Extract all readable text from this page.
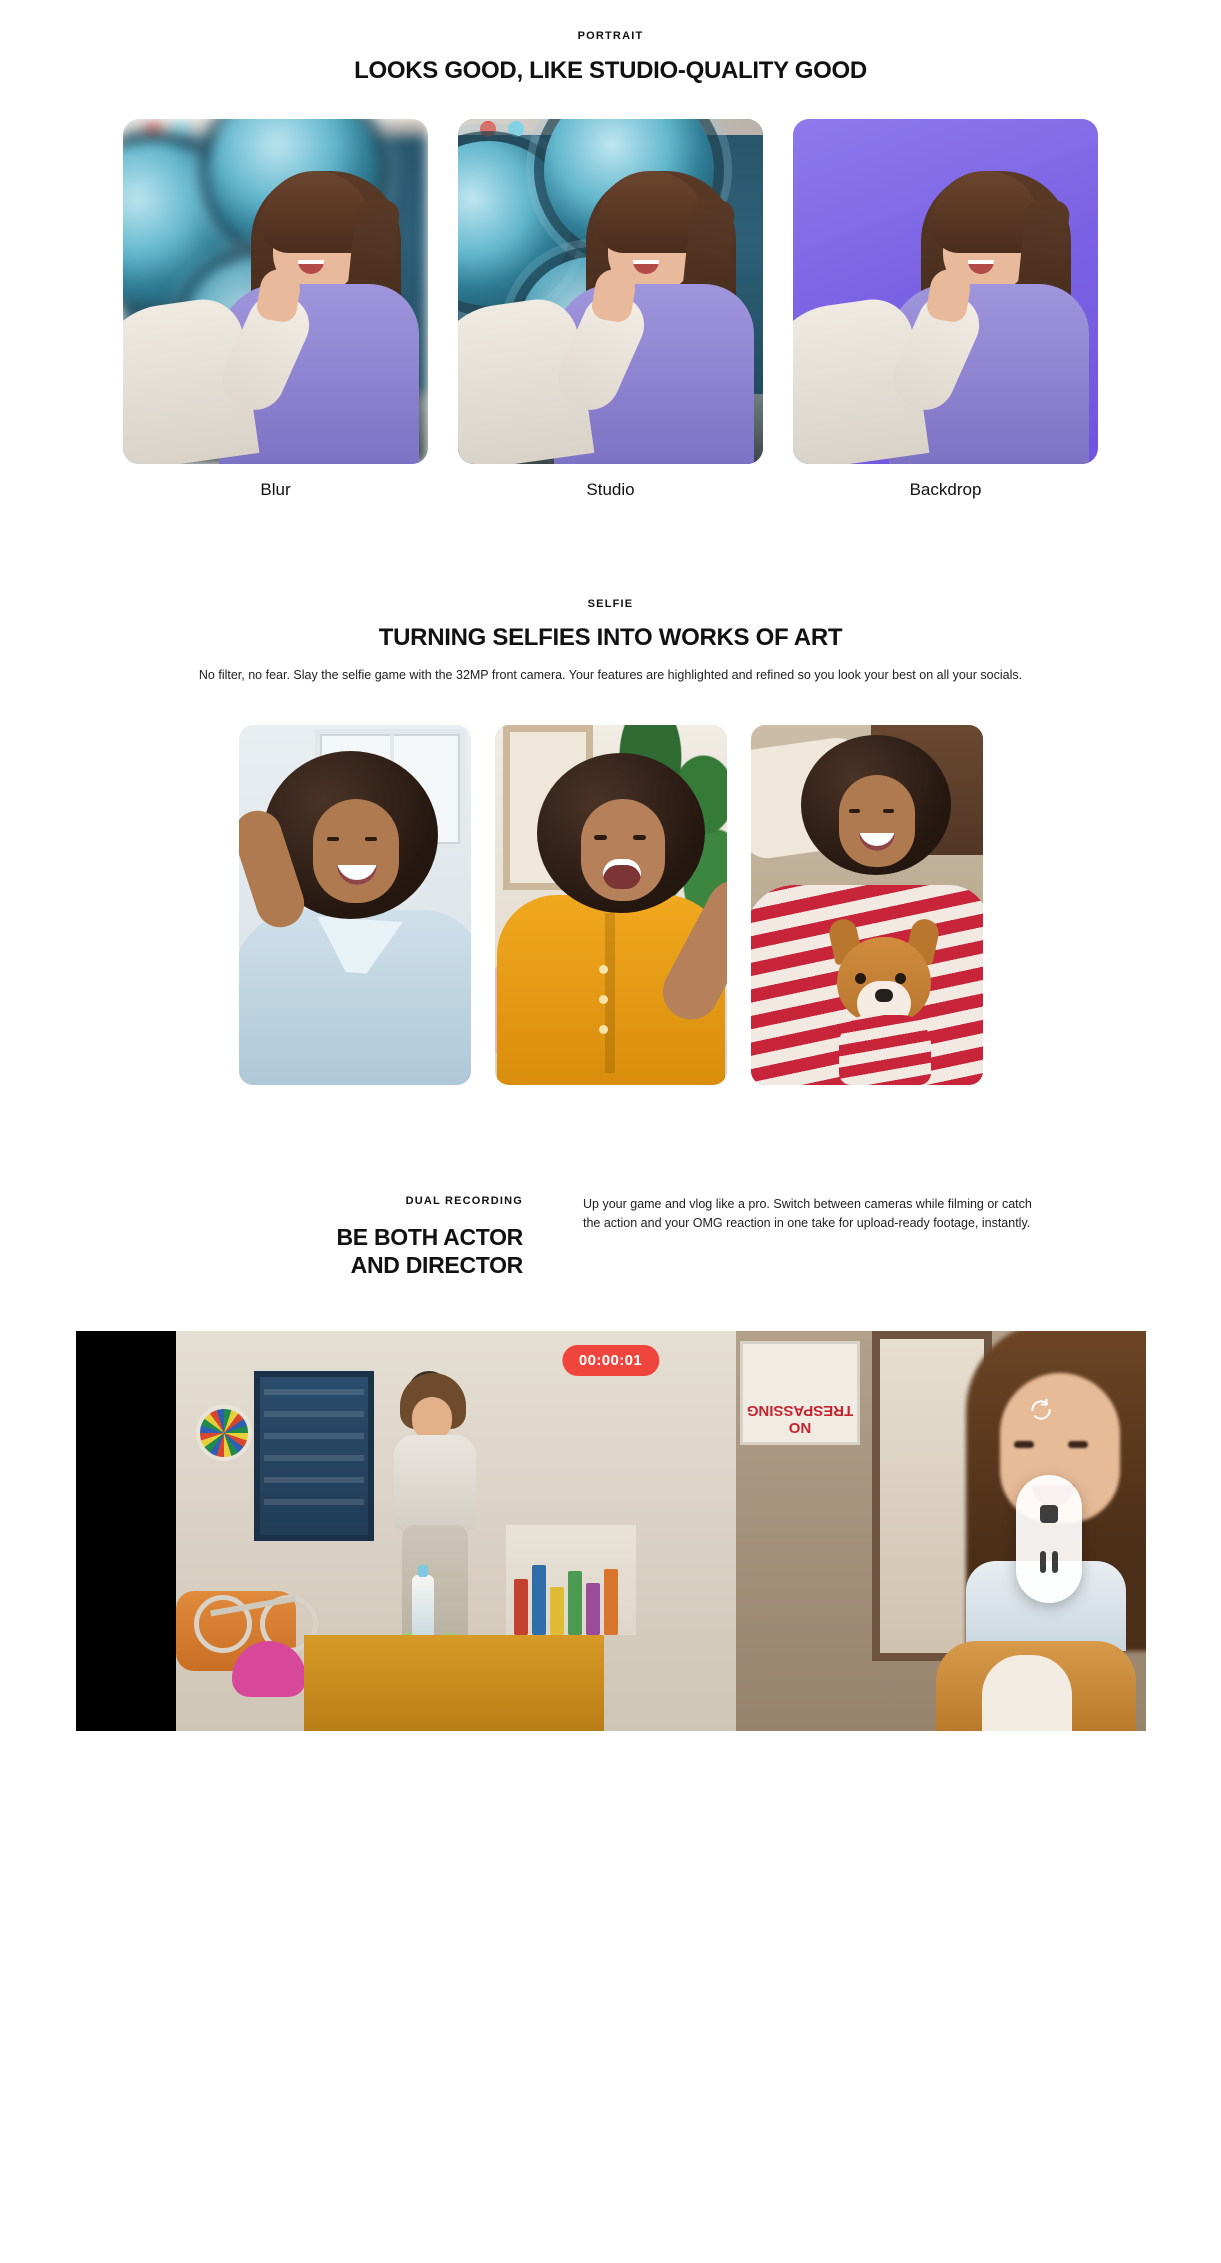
PORTRAIT
LOOKS GOOD, LIKE STUDIO-QUALITY GOOD
Blur	Studio	Backdrop
SELFIE
TURNING SELFIES INTO WORKS OF ART

No filter, no fear. Slay the selfie game with the 32MP front camera. Your features are highlighted and refined so you look your best on all your socials.

DUAL RECORDING
BE BOTH ACTOR
AND DIRECTOR
Up your game and vlog like a pro. Switch between cameras while filming or catch the action and your OMG reaction in one take for upload-ready footage, instantly.
NO TRESPASSING
00:00:01
